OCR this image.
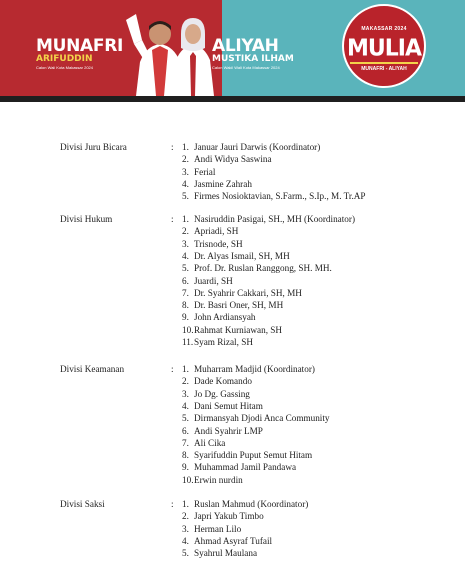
MUNAFRI
ARIFUDDIN
Calon Wali Kota Makassar 2024
ALIYAH
MUSTIKA ILHAM
Calon Wakil Wali Kota Makassar 2024
MAKASSAR 2024
MULIA
MUNAFRI - ALIYAH
Divisi Juru Bicara	: 1. Januar Jauri Darwis (Koordinator)
2. Andi Widya Saswina
3. Ferial
4. Jasmine Zahrah
5. Firmes Nosioktavian, S.Farm., S.Ip., M. Tr.AP
Divisi Hukum	: 1. Nasiruddin Pasigai, SH., MH (Koordinator)
2. Apriadi, SH
3. Trisnode, SH
4. Dr. Alyas Ismail, SH, MH
5. Prof. Dr. Ruslan Ranggong, SH. MH.
6. Juardi, SH
7. Dr. Syahrir Cakkari, SH, MH
8. Dr. Basri Oner, SH, MH
9. John Ardiansyah
10. Rahmat Kurniawan, SH
11. Syam Rizal, SH
Divisi Keamanan	: 1. Muharram Madjid (Koordinator)
2. Dade Komando
3. Jo Dg. Gassing
4. Dani Semut Hitam
5. Dirmansyah Djodi Anca Community
6. Andi Syahrir LMP
7. Ali Cika
8. Syarifuddin Puput Semut Hitam
9. Muhammad Jamil Pandawa
10. Erwin nurdin
Divisi Saksi	: 1. Ruslan Mahmud (Koordinator)
2. Japri Yakub Timbo
3. Herman Lilo
4. Ahmad Asyraf Tufail
5. Syahrul Maulana
